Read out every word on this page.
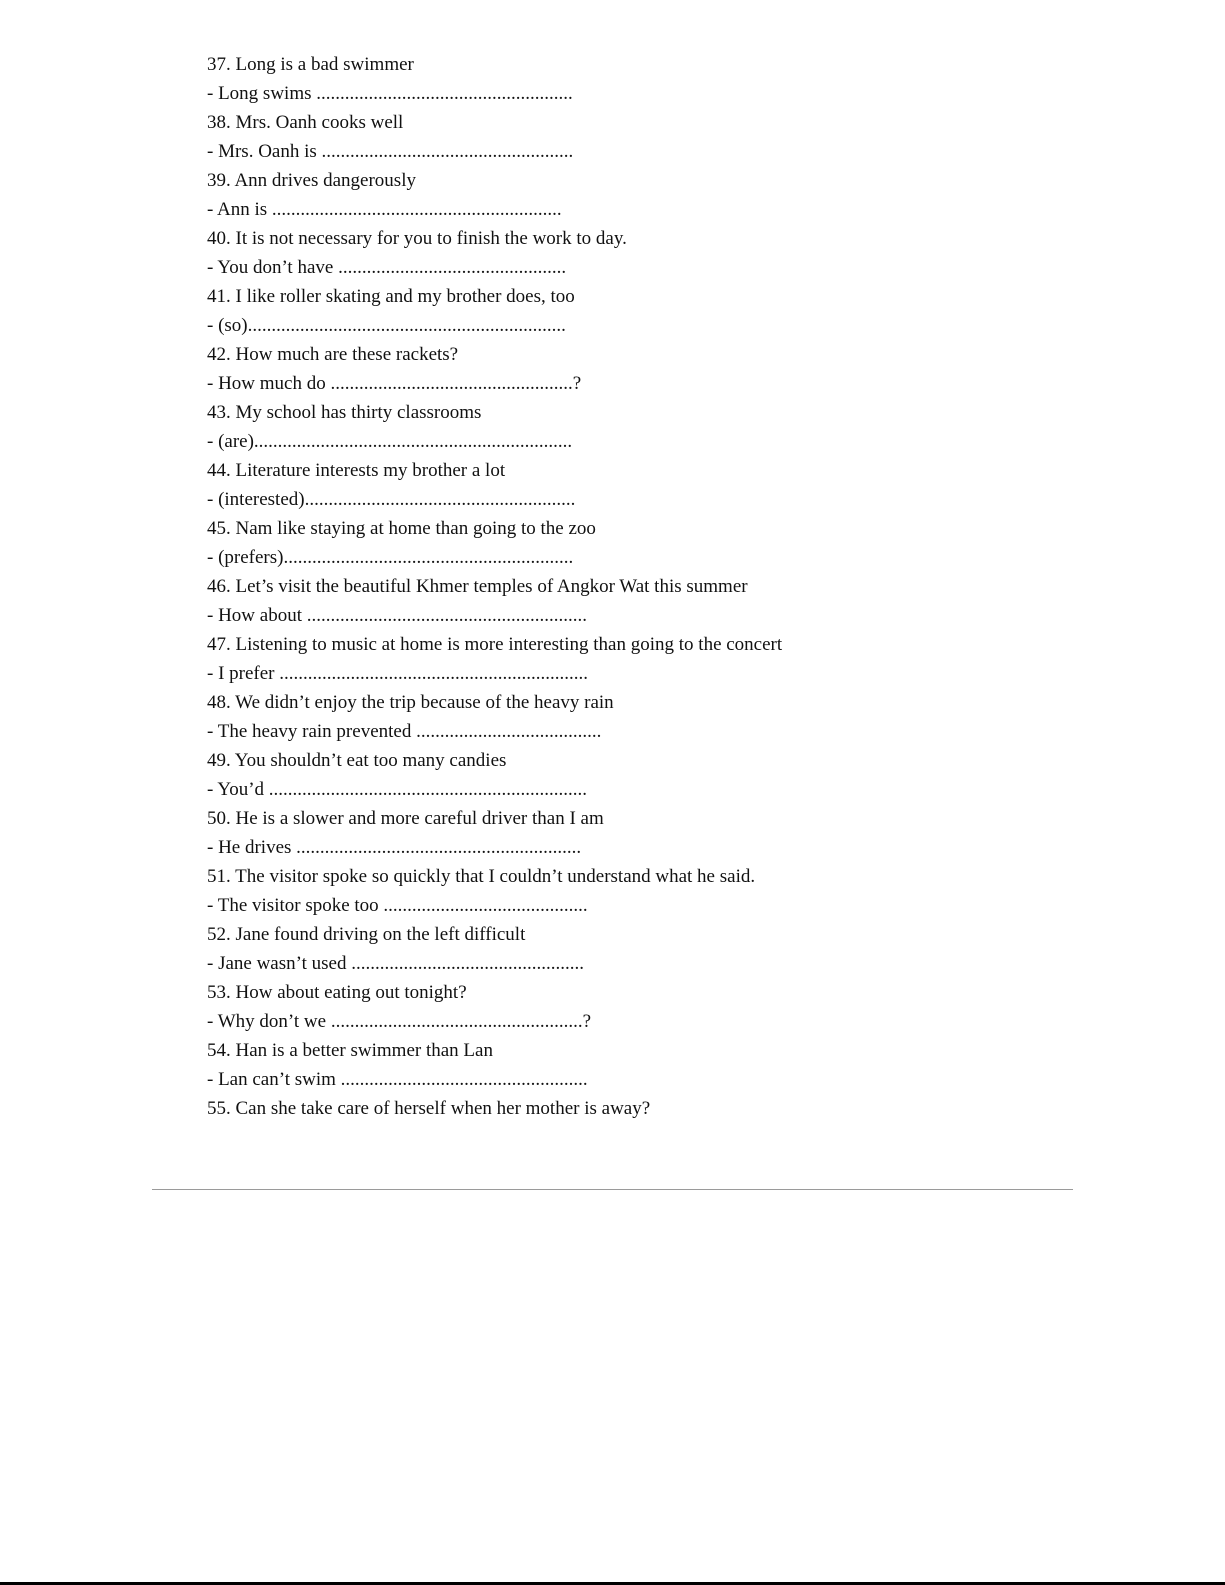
37. Long is a bad swimmer
- Long swims ......................................................
38. Mrs. Oanh cooks well
- Mrs. Oanh is .....................................................
39. Ann drives dangerously
- Ann is .............................................................
40. It is not necessary for you to finish the work to day.
- You don’t have ................................................
41. I like roller skating and my brother does, too
- (so)...................................................................
42. How much are these rackets?
- How much do ...................................................?
43. My school has thirty classrooms
- (are)...................................................................
44. Literature interests my brother a lot
- (interested).........................................................
45. Nam like staying at home than going to the zoo
- (prefers).............................................................
46. Let’s visit the beautiful Khmer temples of Angkor Wat this summer
- How about ...........................................................
47. Listening to music at home is more interesting than going to the concert
- I prefer .................................................................
48. We didn’t enjoy the trip because of the heavy rain
- The heavy rain prevented .......................................
49. You shouldn’t eat too many candies
- You’d ...................................................................
50. He is a slower and more careful driver than I am
- He drives ............................................................
51. The visitor spoke so quickly that I couldn’t understand what he said.
- The visitor spoke too ...........................................
52. Jane found driving on the left difficult
- Jane wasn’t used .................................................
53. How about eating out tonight?
- Why don’t we .....................................................?
54. Han is a better swimmer than Lan
- Lan can’t swim ....................................................
55. Can she take care of herself when her mother is away?
